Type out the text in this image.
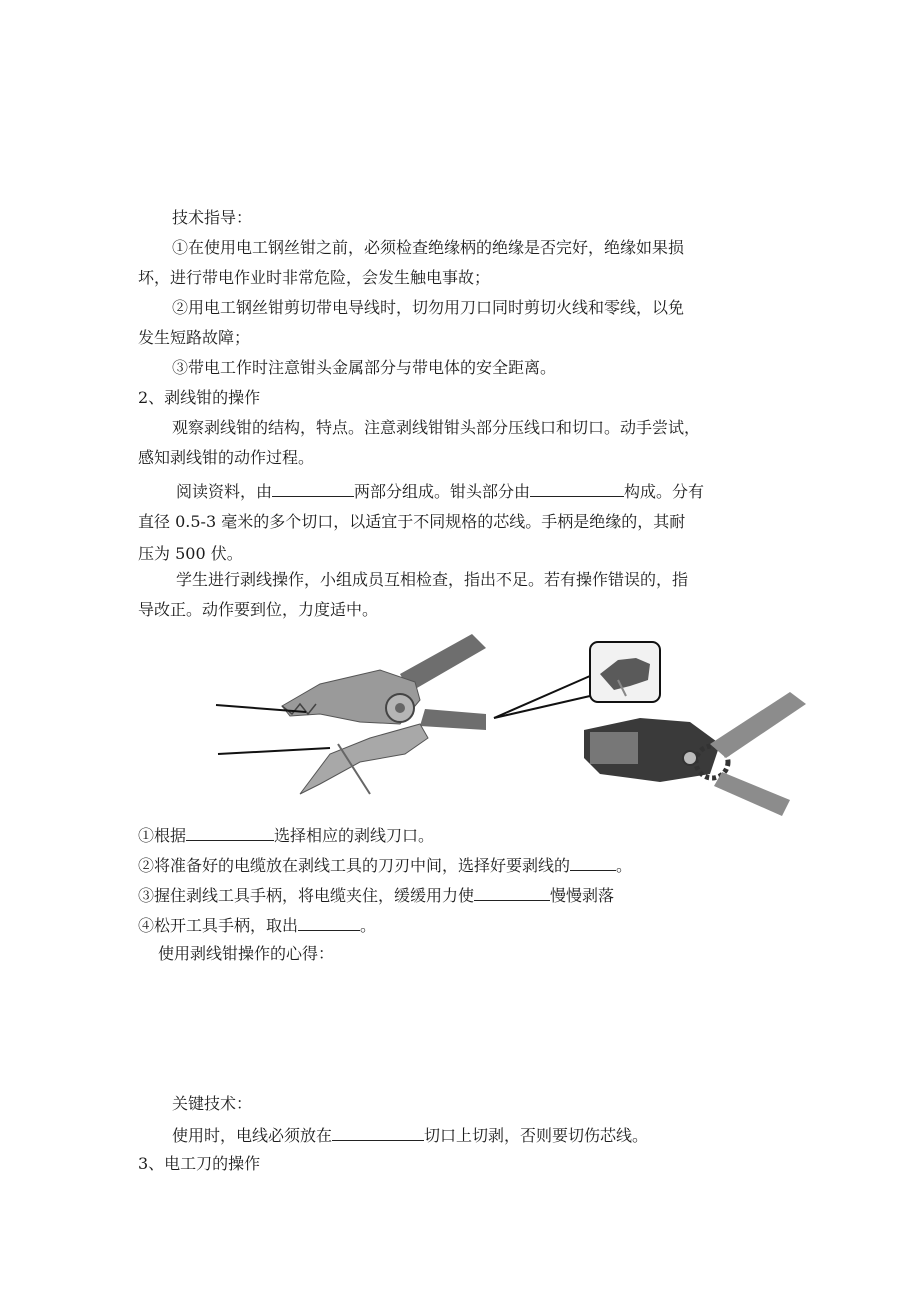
技术指导：
①在使用电工钢丝钳之前，必须检查绝缘柄的绝缘是否完好，绝缘如果损
坏，进行带电作业时非常危险，会发生触电事故；
②用电工钢丝钳剪切带电导线时，切勿用刀口同时剪切火线和零线，以免
发生短路故障；
③带电工作时注意钳头金属部分与带电体的安全距离。
2、剥线钳的操作
观察剥线钳的结构，特点。注意剥线钳钳头部分压线口和切口。动手尝试，
感知剥线钳的动作过程。
阅读资料，由	两部分组成。钳头部分由	构成。分有
直径 0.5-3 毫米的多个切口，以适宜于不同规格的芯线。手柄是绝缘的，其耐
压为 500 伏。
学生进行剥线操作，小组成员互相检查，指出不足。若有操作错误的，指
导改正。动作要到位，力度适中。
①根据	选择相应的剥线刀口。
②将准备好的电缆放在剥线工具的刀刃中间，选择好要剥线的	。
③握住剥线工具手柄，将电缆夹住，缓缓用力使	慢慢剥落
④松开工具手柄，取出	。
使用剥线钳操作的心得：
关键技术：
使用时，电线必须放在	切口上切剥，否则要切伤芯线。
3、电工刀的操作
